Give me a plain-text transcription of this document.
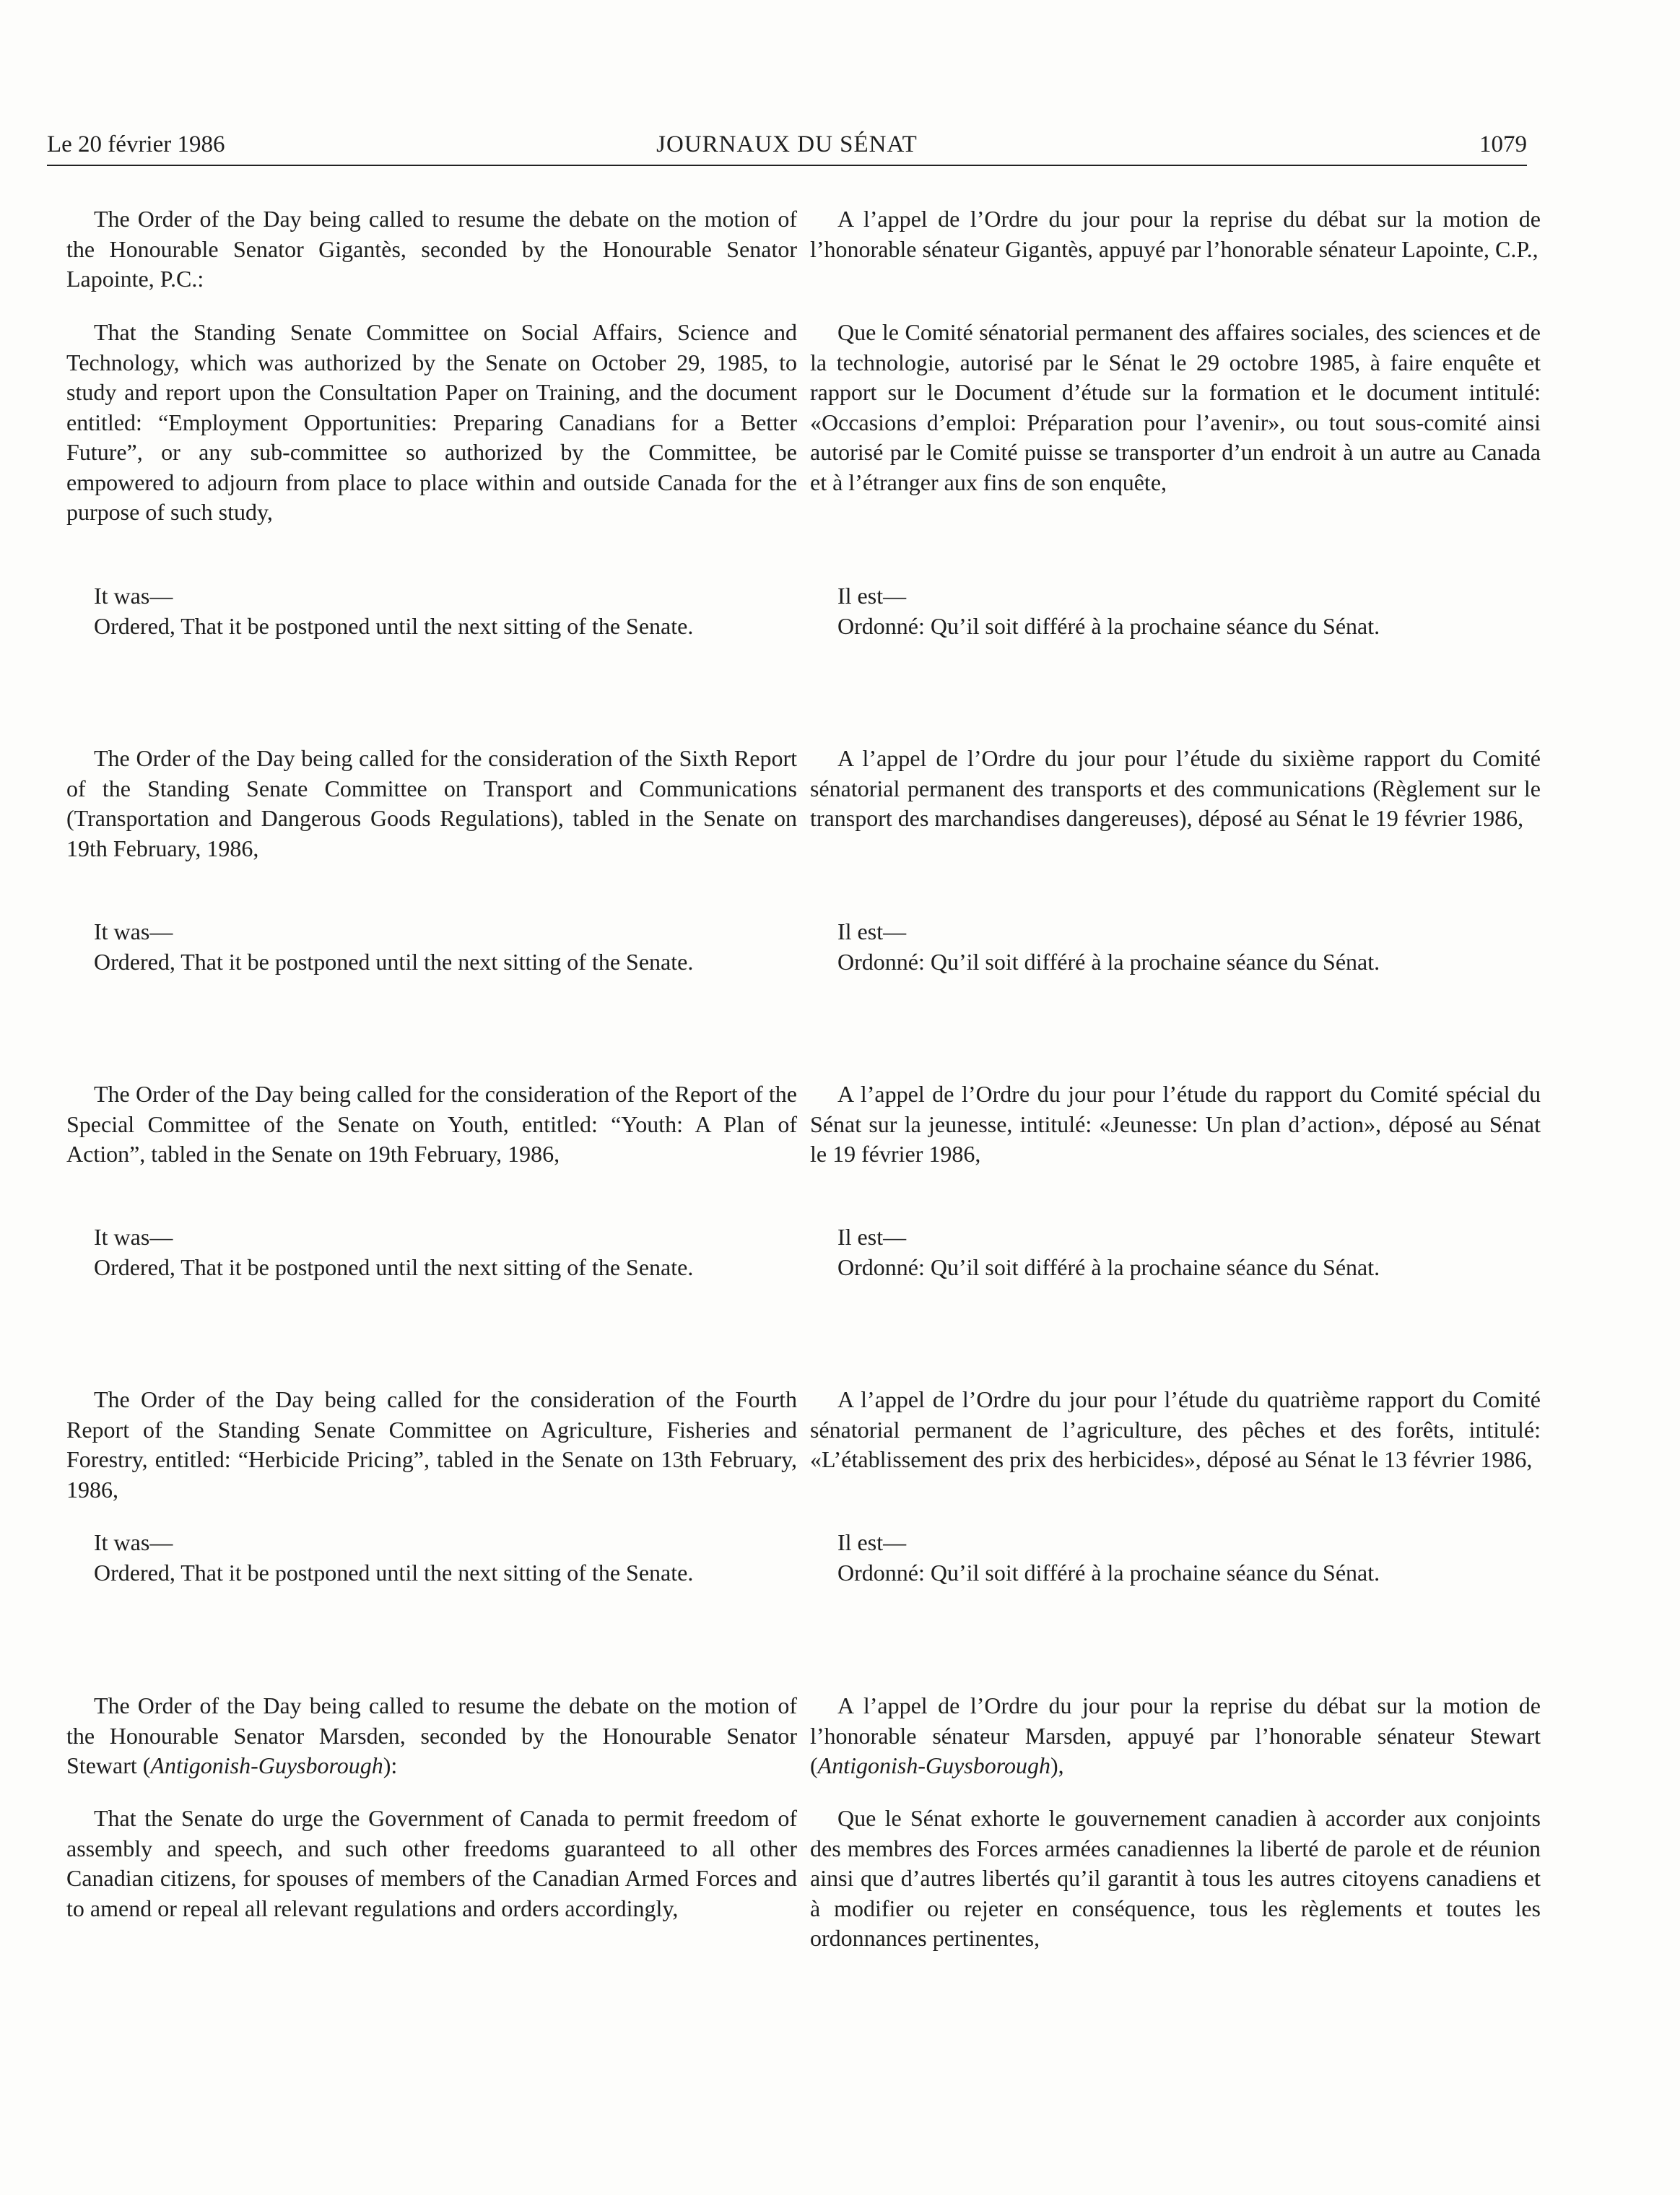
Le 20 février 1986	JOURNAUX DU SÉNAT	1079

The Order of the Day being called to resume the debate on the motion of the Honourable Senator Gigantès, seconded by the Honourable Senator Lapointe, P.C.:

That the Standing Senate Committee on Social Affairs, Science and Technology, which was authorized by the Senate on October 29, 1985, to study and report upon the Consultation Paper on Training, and the document entitled: “Employment Opportunities: Preparing Canadians for a Better Future”, or any sub-committee so authorized by the Committee, be empowered to adjourn from place to place within and outside Canada for the purpose of such study,

It was—

Ordered, That it be postponed until the next sitting of the Senate.

The Order of the Day being called for the consideration of the Sixth Report of the Standing Senate Committee on Transport and Communications (Transportation and Dangerous Goods Regulations), tabled in the Senate on 19th February, 1986,

It was—

Ordered, That it be postponed until the next sitting of the Senate.

The Order of the Day being called for the consideration of the Report of the Special Committee of the Senate on Youth, entitled: “Youth: A Plan of Action”, tabled in the Senate on 19th February, 1986,

It was—

Ordered, That it be postponed until the next sitting of the Senate.

The Order of the Day being called for the consideration of the Fourth Report of the Standing Senate Committee on Agriculture, Fisheries and Forestry, entitled: “Herbicide Pricing”, tabled in the Senate on 13th February, 1986,

It was—

Ordered, That it be postponed until the next sitting of the Senate.

The Order of the Day being called to resume the debate on the motion of the Honourable Senator Marsden, seconded by the Honourable Senator Stewart (Antigonish-Guysborough):

That the Senate do urge the Government of Canada to permit freedom of assembly and speech, and such other freedoms guaranteed to all other Canadian citizens, for spouses of members of the Canadian Armed Forces and to amend or repeal all relevant regulations and orders accordingly,

A l’appel de l’Ordre du jour pour la reprise du débat sur la motion de l’honorable sénateur Gigantès, appuyé par l’honorable sénateur Lapointe, C.P.,

Que le Comité sénatorial permanent des affaires sociales, des sciences et de la technologie, autorisé par le Sénat le 29 octobre 1985, à faire enquête et rapport sur le Document d’étude sur la formation et le document intitulé: «Occasions d’emploi: Préparation pour l’avenir», ou tout sous-comité ainsi autorisé par le Comité puisse se transporter d’un endroit à un autre au Canada et à l’étranger aux fins de son enquête,

Il est—

Ordonné: Qu’il soit différé à la prochaine séance du Sénat.

A l’appel de l’Ordre du jour pour l’étude du sixième rapport du Comité sénatorial permanent des transports et des communications (Règlement sur le transport des marchandises dangereuses), déposé au Sénat le 19 février 1986,

Il est—

Ordonné: Qu’il soit différé à la prochaine séance du Sénat.

A l’appel de l’Ordre du jour pour l’étude du rapport du Comité spécial du Sénat sur la jeunesse, intitulé: «Jeunesse: Un plan d’action», déposé au Sénat le 19 février 1986,

Il est—

Ordonné: Qu’il soit différé à la prochaine séance du Sénat.

A l’appel de l’Ordre du jour pour l’étude du quatrième rapport du Comité sénatorial permanent de l’agriculture, des pêches et des forêts, intitulé: «L’établissement des prix des herbicides», déposé au Sénat le 13 février 1986,

Il est—

Ordonné: Qu’il soit différé à la prochaine séance du Sénat.

A l’appel de l’Ordre du jour pour la reprise du débat sur la motion de l’honorable sénateur Marsden, appuyé par l’honorable sénateur Stewart (Antigonish-Guysborough),

Que le Sénat exhorte le gouvernement canadien à accorder aux conjoints des membres des Forces armées canadiennes la liberté de parole et de réunion ainsi que d’autres libertés qu’il garantit à tous les autres citoyens canadiens et à modifier ou rejeter en conséquence, tous les règlements et toutes les ordonnances pertinentes,
